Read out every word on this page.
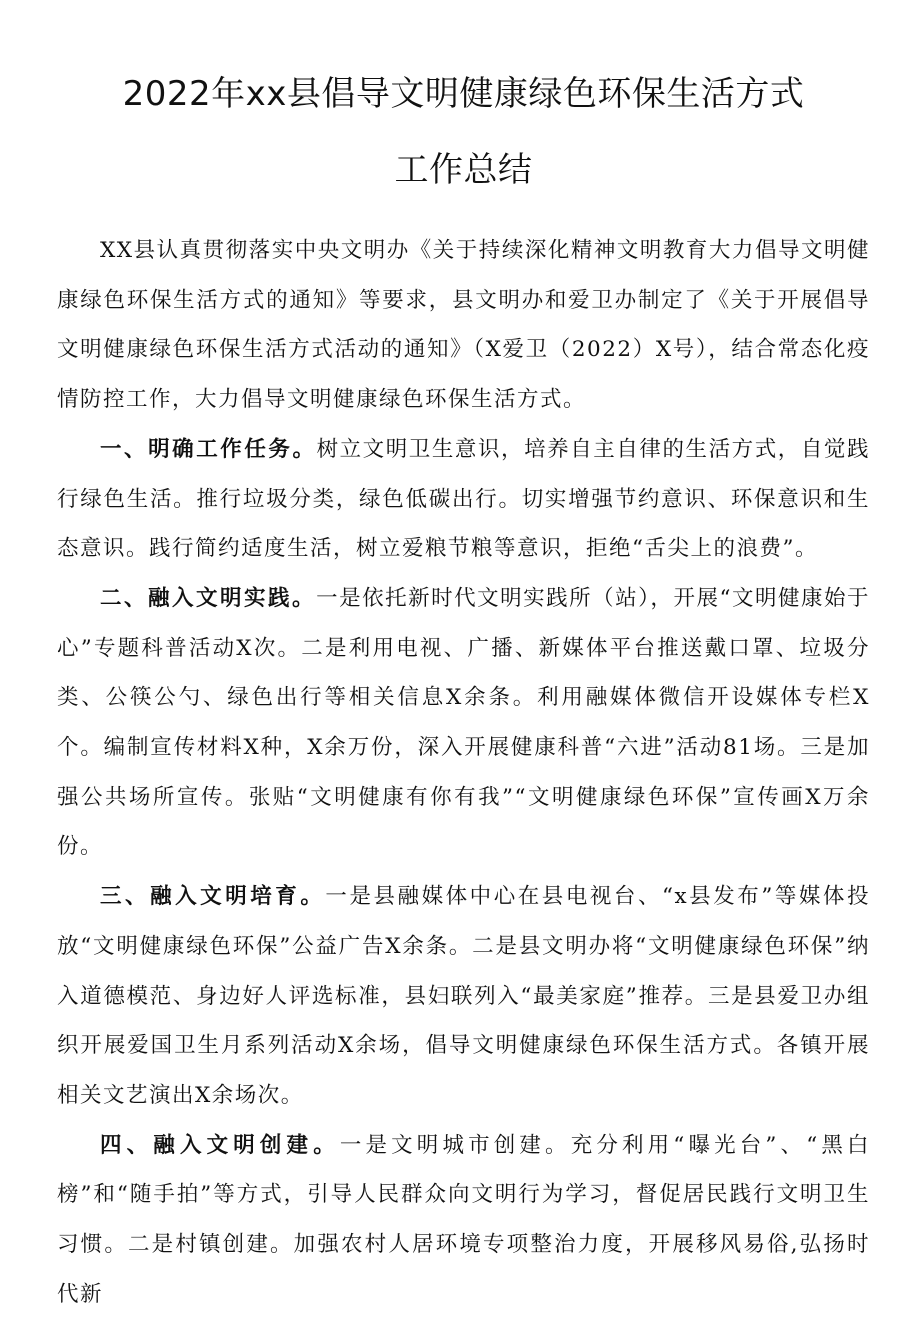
2022年xx县倡导文明健康绿色环保生活方式
工作总结

XX县认真贯彻落实中央文明办《关于持续深化精神文明教育大力倡导文明健康绿色环保生活方式的通知》等要求，县文明办和爱卫办制定了《关于开展倡导文明健康绿色环保生活方式活动的通知》（X爱卫（2022）X号），结合常态化疫情防控工作，大力倡导文明健康绿色环保生活方式。

一、明确工作任务。树立文明卫生意识，培养自主自律的生活方式，自觉践行绿色生活。推行垃圾分类，绿色低碳出行。切实增强节约意识、环保意识和生态意识。践行简约适度生活，树立爱粮节粮等意识，拒绝“舌尖上的浪费”。

二、融入文明实践。一是依托新时代文明实践所（站），开展“文明健康始于心”专题科普活动X次。二是利用电视、广播、新媒体平台推送戴口罩、垃圾分类、公筷公勺、绿色出行等相关信息X余条。利用融媒体微信开设媒体专栏X个。编制宣传材料X种，X余万份，深入开展健康科普“六进”活动81场。三是加强公共场所宣传。张贴“文明健康有你有我”“文明健康绿色环保”宣传画X万余份。

三、融入文明培育。一是县融媒体中心在县电视台、“x县发布”等媒体投放“文明健康绿色环保”公益广告X余条。二是县文明办将“文明健康绿色环保”纳入道德模范、身边好人评选标准，县妇联列入“最美家庭”推荐。三是县爱卫办组织开展爱国卫生月系列活动X余场，倡导文明健康绿色环保生活方式。各镇开展相关文艺演出X余场次。

四、融入文明创建。一是文明城市创建。充分利用“曝光台”、“黑白榜”和“随手拍”等方式，引导人民群众向文明行为学习，督促居民践行文明卫生习惯。二是村镇创建。加强农村人居环境专项整治力度，开展移风易俗,弘扬时代新
